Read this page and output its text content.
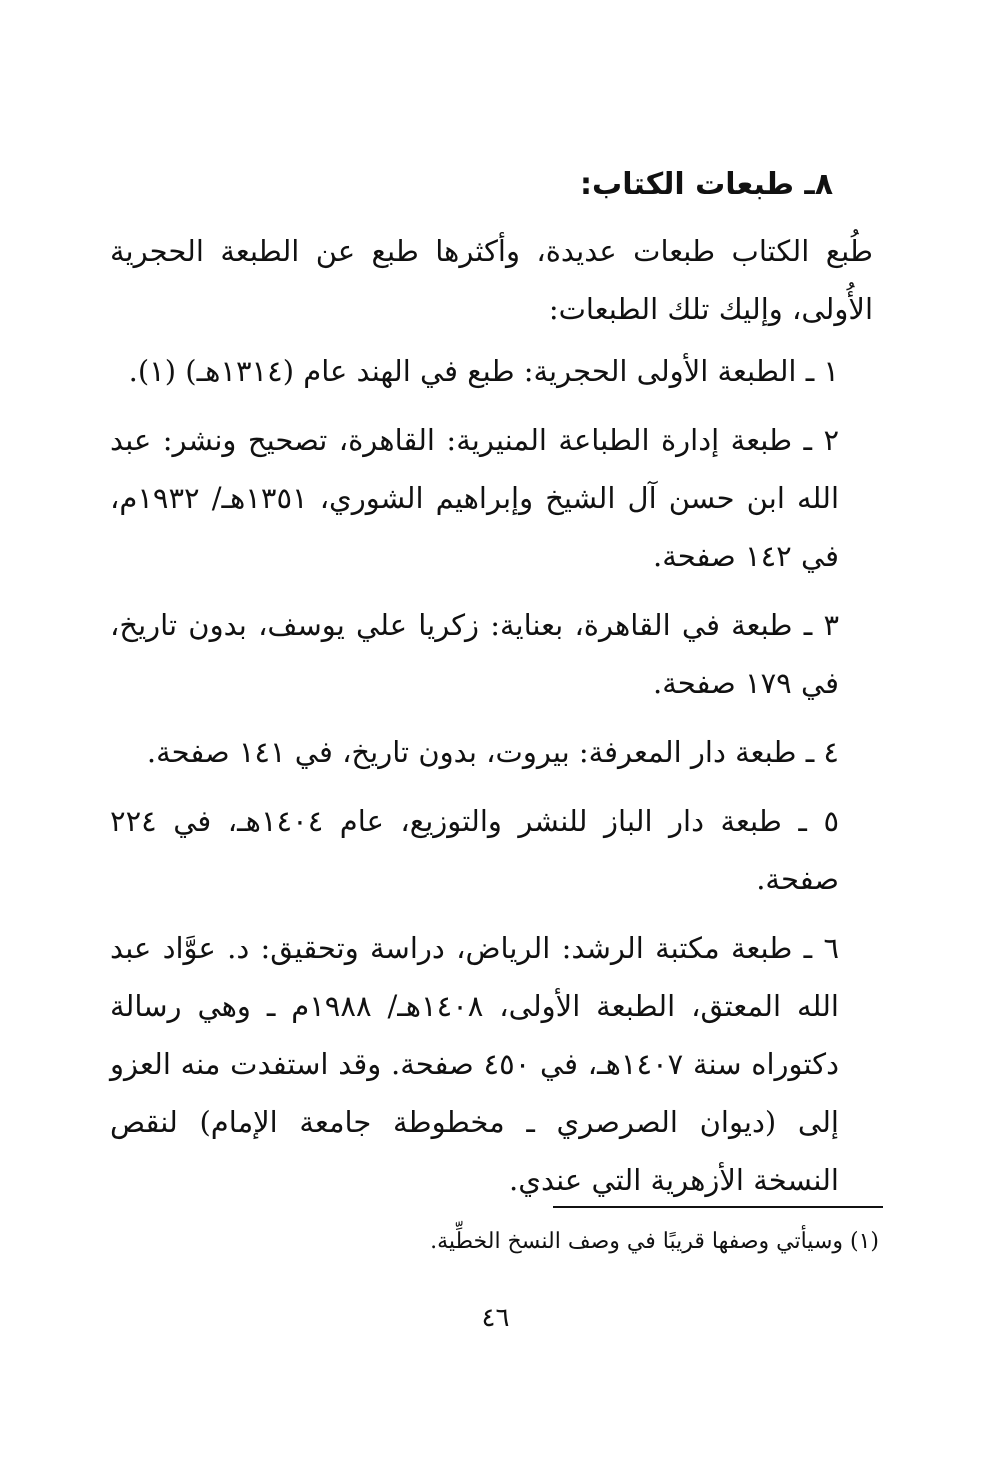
٨ـ طبعات الكتاب:
طُبع الكتاب طبعات عديدة، وأكثرها طبع عن الطبعة الحجرية الأُولى، وإليك تلك الطبعات:
١ ـ الطبعة الأولى الحجرية: طبع في الهند عام (١٣١٤هـ) (١).
٢ ـ طبعة إدارة الطباعة المنيرية: القاهرة، تصحيح ونشر: عبد الله ابن حسن آل الشيخ وإبراهيم الشوري، ١٣٥١هـ/ ١٩٣٢م، في ١٤٢ صفحة.
٣ ـ طبعة في القاهرة، بعناية: زكريا علي يوسف، بدون تاريخ، في ١٧٩ صفحة.
٤ ـ طبعة دار المعرفة: بيروت، بدون تاريخ، في ١٤١ صفحة.
٥ ـ طبعة دار الباز للنشر والتوزيع، عام ١٤٠٤هـ، في ٢٢٤ صفحة.
٦ ـ طبعة مكتبة الرشد: الرياض، دراسة وتحقيق: د. عوَّاد عبد الله المعتق، الطبعة الأولى، ١٤٠٨هـ/ ١٩٨٨م ـ وهي رسالة دكتوراه سنة ١٤٠٧هـ، في ٤٥٠ صفحة. وقد استفدت منه العزو إلى (ديوان الصرصري ـ مخطوطة جامعة الإمام) لنقص النسخة الأزهرية التي عندي.
(١) وسيأتي وصفها قريبًا في وصف النسخ الخطِّية.
٤٦
